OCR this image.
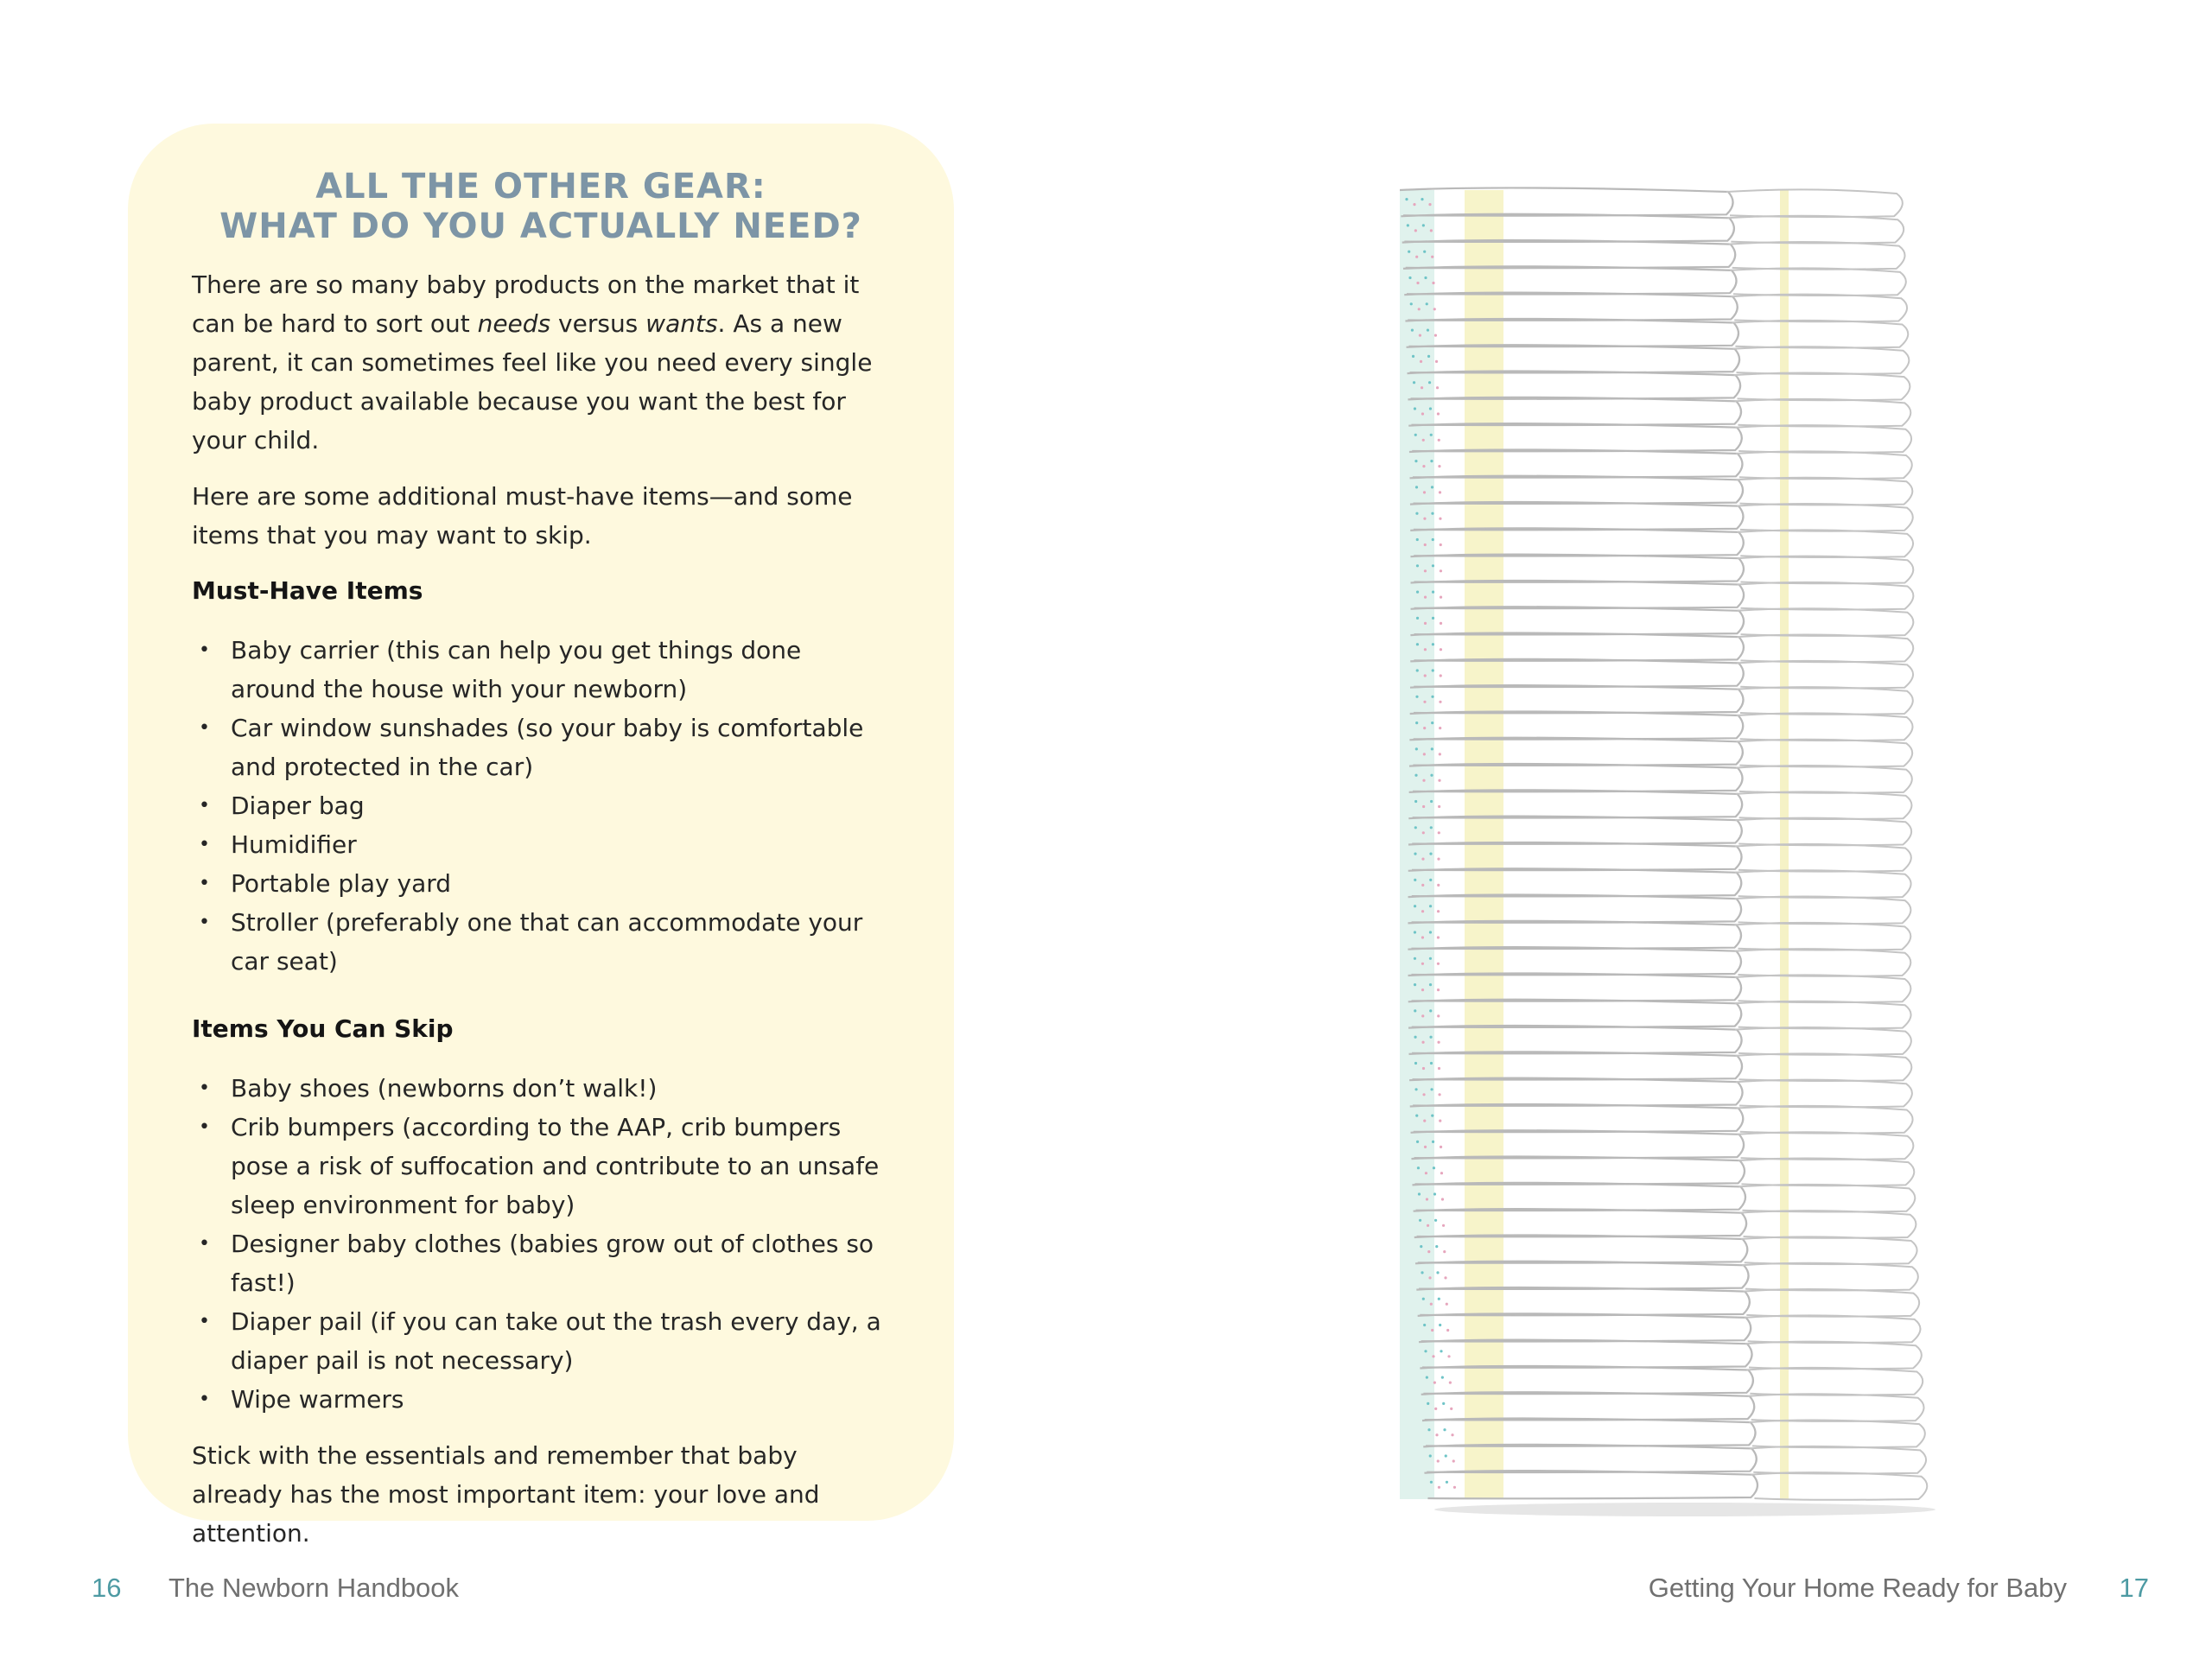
ALL THE OTHER GEAR:
WHAT DO YOU ACTUALLY NEED?

There are so many baby products on the market that it can be hard to sort out needs versus wants. As a new parent, it can sometimes feel like you need every single baby product available because you want the best for your child.

Here are some additional must-have items—and some items that you may want to skip.

Must-Have Items
• Baby carrier (this can help you get things done around the house with your newborn)
• Car window sunshades (so your baby is comfortable and protected in the car)
• Diaper bag
• Humidifier
• Portable play yard
• Stroller (preferably one that can accommodate your car seat)
Items You Can Skip
• Baby shoes (newborns don’t walk!)
• Crib bumpers (according to the AAP, crib bumpers pose a risk of suffocation and contribute to an unsafe sleep environment for baby)
• Designer baby clothes (babies grow out of clothes so fast!)
• Diaper pail (if you can take out the trash every day, a diaper pail is not necessary)
• Wipe warmers

Stick with the essentials and remember that baby already has the most important item: your love and attention.

16 The Newborn Handbook	Getting Your Home Ready for Baby 17
